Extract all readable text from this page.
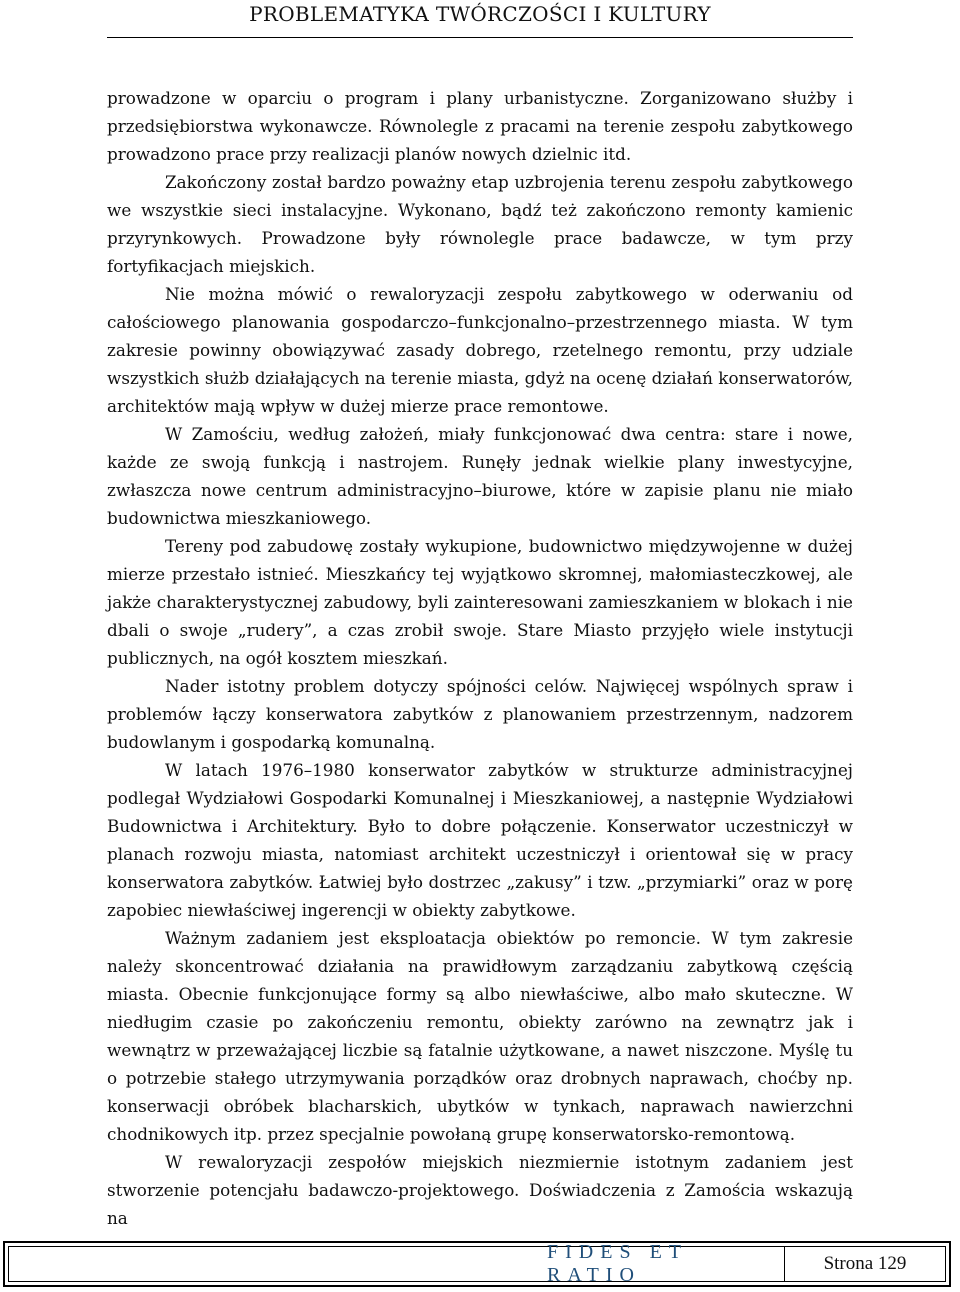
PROBLEMATYKA TWÓRCZOŚCI I KULTURY

prowadzone w oparciu o program i plany urbanistyczne. Zorganizowano służby i przedsiębiorstwa wykonawcze. Równolegle z pracami na terenie zespołu zabytkowego prowadzono prace przy realizacji planów nowych dzielnic itd.

Zakończony został bardzo poważny etap uzbrojenia terenu zespołu zabytkowego we wszystkie sieci instalacyjne. Wykonano, bądź też zakończono remonty kamienic przyrynkowych. Prowadzone były równolegle prace badawcze, w tym przy fortyfikacjach miejskich.

Nie można mówić o rewaloryzacji zespołu zabytkowego w oderwaniu od całościowego planowania gospodarczo–funkcjonalno–przestrzennego miasta. W tym zakresie powinny obowiązywać zasady dobrego, rzetelnego remontu, przy udziale wszystkich służb działających na terenie miasta, gdyż na ocenę działań konserwatorów, architektów mają wpływ w dużej mierze prace remontowe.

W Zamościu, według założeń, miały funkcjonować dwa centra: stare i nowe, każde ze swoją funkcją i nastrojem. Runęły jednak wielkie plany inwestycyjne, zwłaszcza nowe centrum administracyjno–biurowe, które w zapisie planu nie miało budownictwa mieszkaniowego.

Tereny pod zabudowę zostały wykupione, budownictwo międzywojenne w dużej mierze przestało istnieć. Mieszkańcy tej wyjątkowo skromnej, małomiasteczkowej, ale jakże charakterystycznej zabudowy, byli zainteresowani zamieszkaniem w blokach i nie dbali o swoje „rudery”, a czas zrobił swoje. Stare Miasto przyjęło wiele instytucji publicznych, na ogół kosztem mieszkań.

Nader istotny problem dotyczy spójności celów. Najwięcej wspólnych spraw i problemów łączy konserwatora zabytków z planowaniem przestrzennym, nadzorem budowlanym i gospodarką komunalną.

W latach 1976–1980 konserwator zabytków w strukturze administracyjnej podlegał Wydziałowi Gospodarki Komunalnej i Mieszkaniowej, a następnie Wydziałowi Budownictwa i Architektury. Było to dobre połączenie. Konserwator uczestniczył w planach rozwoju miasta, natomiast architekt uczestniczył i orientował się w pracy konserwatora zabytków. Łatwiej było dostrzec „zakusy” i tzw. „przymiarki” oraz w porę zapobiec niewłaściwej ingerencji w obiekty zabytkowe.

Ważnym zadaniem jest eksploatacja obiektów po remoncie. W tym zakresie należy skoncentrować działania na prawidłowym zarządzaniu zabytkową częścią miasta. Obecnie funkcjonujące formy są albo niewłaściwe, albo mało skuteczne. W niedługim czasie po zakończeniu remontu, obiekty zarówno na zewnątrz jak i wewnątrz w przeważającej liczbie są fatalnie użytkowane, a nawet niszczone. Myślę tu o potrzebie stałego utrzymywania porządków oraz drobnych naprawach, choćby np. konserwacji obróbek blacharskich, ubytków w tynkach, naprawach nawierzchni chodnikowych itp. przez specjalnie powołaną grupę konserwatorsko-remontową.

W rewaloryzacji zespołów miejskich niezmiernie istotnym zadaniem jest stworzenie potencjału badawczo-projektowego. Doświadczenia z Zamościa wskazują na

FIDES ET RATIO
Strona 129
